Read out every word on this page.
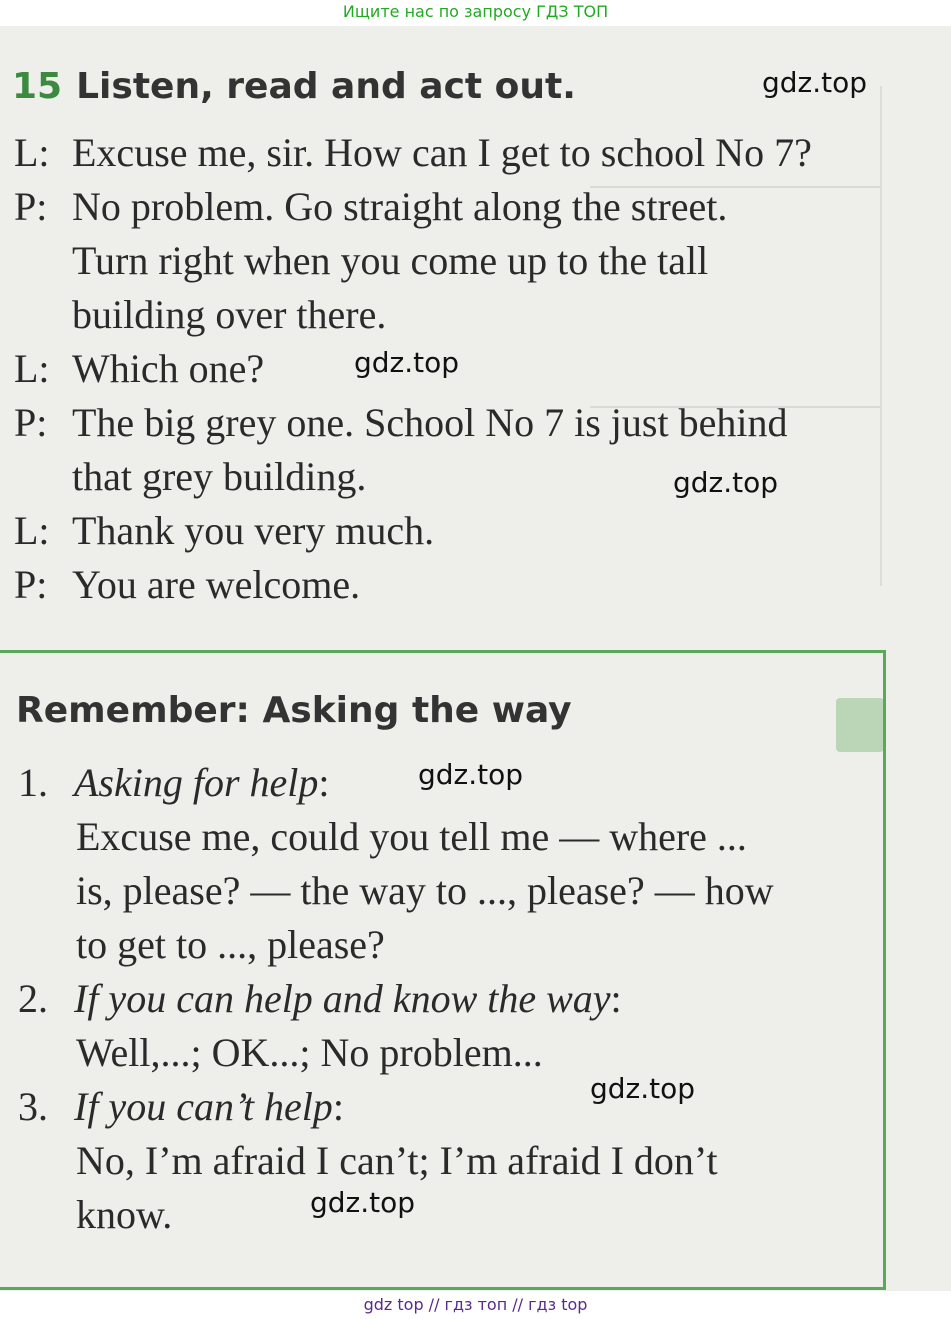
Ищите нас по запросу ГДЗ ТОП
15 Listen, read and act out.
L: Excuse me, sir. How can I get to school No 7?
P: No problem. Go straight along the street.
Turn right when you come up to the tall
building over there.
L: Which one?
P: The big grey one. School No 7 is just behind
that grey building.
L: Thank you very much.
P: You are welcome.
Remember: Asking the way
1. Asking for help:
Excuse me, could you tell me — where ...
is, please? — the way to ..., please? — how
to get to ..., please?
2. If you can help and know the way:
Well,...; OK...; No problem...
3. If you can’t help:
No, I’m afraid I can’t; I’m afraid I don’t
know.
gdz.top
gdz.top
gdz.top
gdz.top
gdz.top
gdz.top
gdz top // гдз топ // гдз top
